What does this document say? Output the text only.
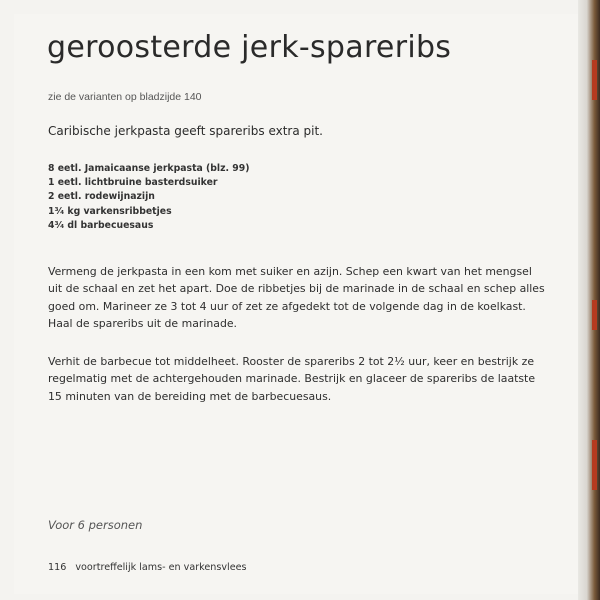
geroosterde jerk-spareribs
zie de varianten op bladzijde 140
Caribische jerkpasta geeft spareribs extra pit.
8 eetl. Jamaicaanse jerkpasta (blz. 99)
1 eetl. lichtbruine basterdsuiker
2 eetl. rodewijnazijn
1³⁄₄ kg varkensribbetjes
4³⁄₄ dl barbecuesaus

Vermeng de jerkpasta in een kom met suiker en azijn. Schep een kwart van het mengsel uit de schaal en zet het apart. Doe de ribbetjes bij de marinade in de schaal en schep alles goed om. Marineer ze 3 tot 4 uur of zet ze afgedekt tot de volgende dag in de koelkast. Haal de spareribs uit de marinade.

Verhit de barbecue tot middelheet. Rooster de spareribs 2 tot 2¹⁄₂ uur, keer en bestrijk ze regelmatig met de achtergehouden marinade. Bestrijk en glaceer de spareribs de laatste 15 minuten van de bereiding met de barbecuesaus.

Voor 6 personen
116 voortreffelijk lams- en varkensvlees
